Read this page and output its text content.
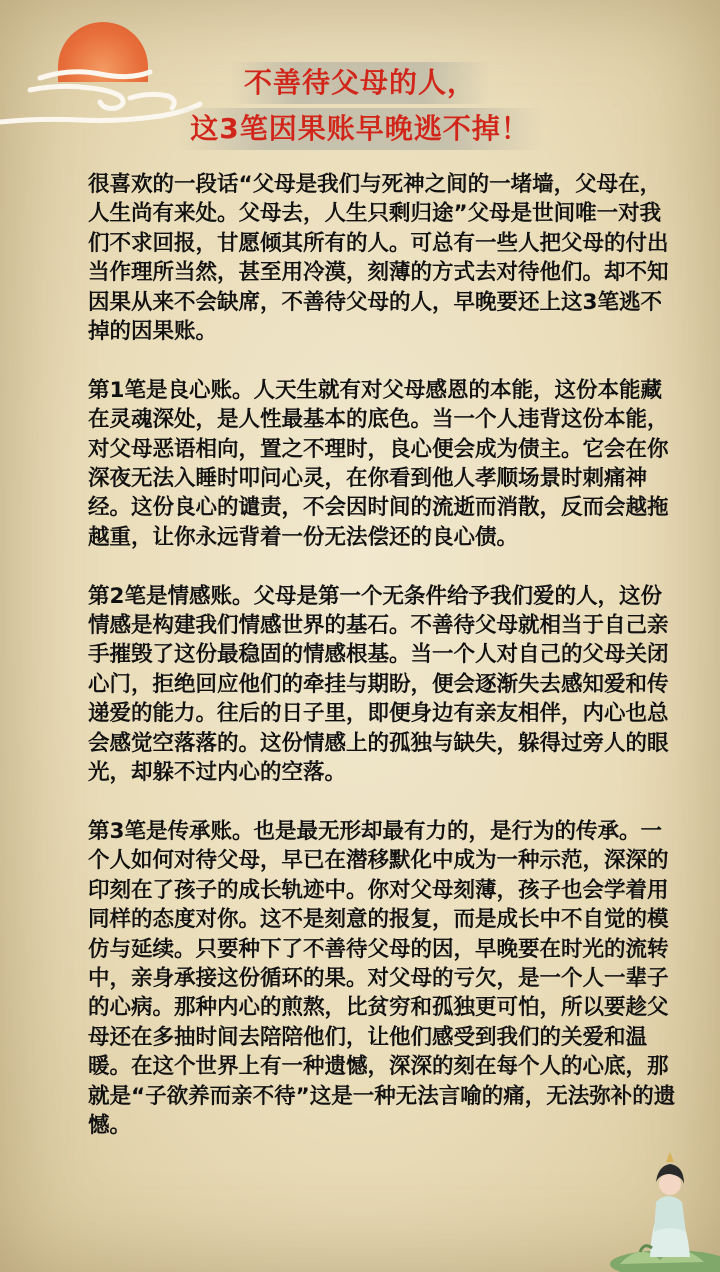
不善待父母的人，
这3笔因果账早晚逃不掉！

很喜欢的一段话“父母是我们与死神之间的一堵墙，父母在，人生尚有来处。父母去，人生只剩归途”父母是世间唯一对我们不求回报，甘愿倾其所有的人。可总有一些人把父母的付出当作理所当然，甚至用冷漠，刻薄的方式去对待他们。却不知因果从来不会缺席，不善待父母的人，早晚要还上这3笔逃不掉的因果账。

第1笔是良心账。人天生就有对父母感恩的本能，这份本能藏在灵魂深处，是人性最基本的底色。当一个人违背这份本能，对父母恶语相向，置之不理时，良心便会成为债主。它会在你深夜无法入睡时叩问心灵，在你看到他人孝顺场景时刺痛神经。这份良心的谴责，不会因时间的流逝而消散，反而会越拖越重，让你永远背着一份无法偿还的良心债。

第2笔是情感账。父母是第一个无条件给予我们爱的人，这份情感是构建我们情感世界的基石。不善待父母就相当于自己亲手摧毁了这份最稳固的情感根基。当一个人对自己的父母关闭心门，拒绝回应他们的牵挂与期盼，便会逐渐失去感知爱和传递爱的能力。往后的日子里，即便身边有亲友相伴，内心也总会感觉空落落的。这份情感上的孤独与缺失，躲得过旁人的眼光，却躲不过内心的空落。

第3笔是传承账。也是最无形却最有力的，是行为的传承。一个人如何对待父母，早已在潜移默化中成为一种示范，深深的印刻在了孩子的成长轨迹中。你对父母刻薄，孩子也会学着用同样的态度对你。这不是刻意的报复，而是成长中不自觉的模仿与延续。只要种下了不善待父母的因，早晚要在时光的流转中，亲身承接这份循环的果。对父母的亏欠，是一个人一辈子的心病。那种内心的煎熬，比贫穷和孤独更可怕，所以要趁父母还在多抽时间去陪陪他们，让他们感受到我们的关爱和温暖。在这个世界上有一种遗憾，深深的刻在每个人的心底，那就是“子欲养而亲不待”这是一种无法言喻的痛，无法弥补的遗憾。
